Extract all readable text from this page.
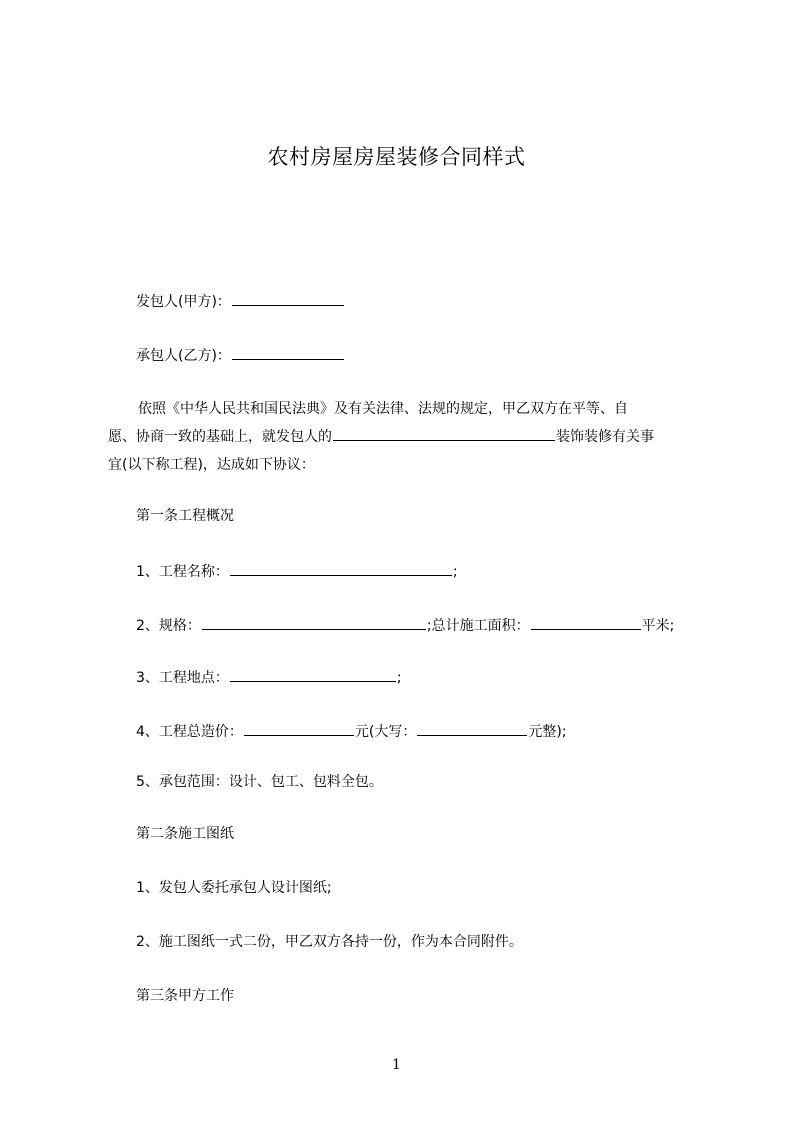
农村房屋房屋装修合同样式
发包人(甲方)：
承包人(乙方)：
依照《中华人民共和国民法典》及有关法律、法规的规定，甲乙双方在平等、自
愿、协商一致的基础上，就发包人的	装饰装修有关事
宜(以下称工程)，达成如下协议：
第一条工程概况
1、工程名称：	;
2、规格：	;总计施工面积：	平米;
3、工程地点：	;
4、工程总造价：	元(大写：	元整);
5、承包范围：设计、包工、包料全包。
第二条施工图纸
1、发包人委托承包人设计图纸;
2、施工图纸一式二份，甲乙双方各持一份，作为本合同附件。
第三条甲方工作
1
